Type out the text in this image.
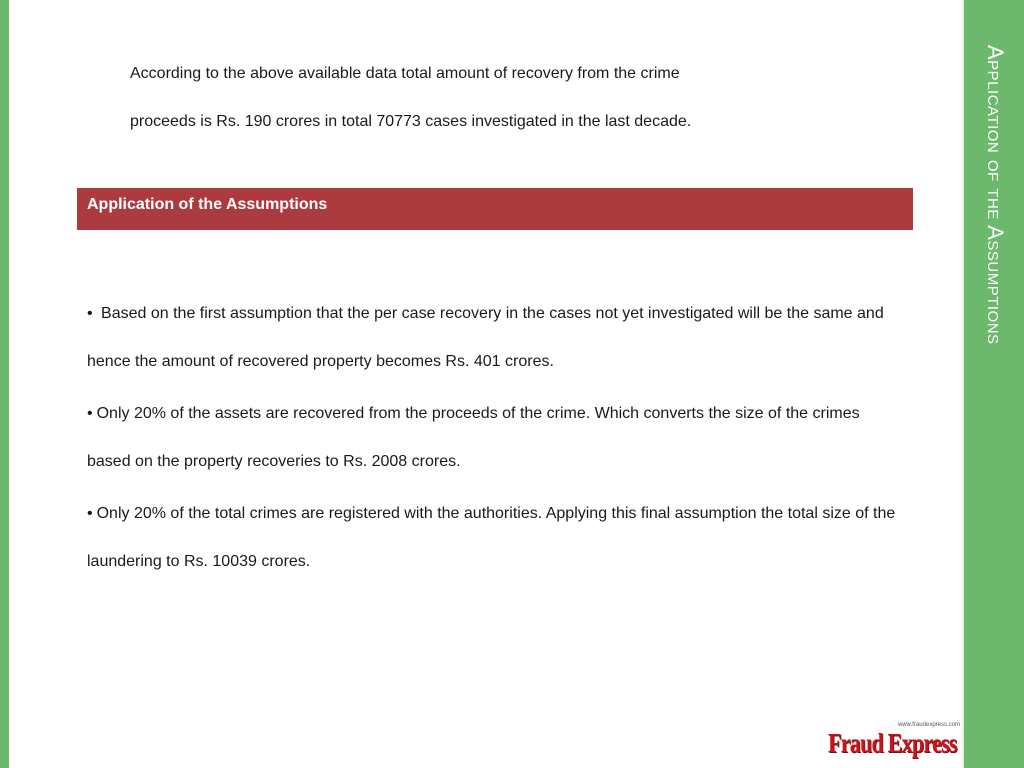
Application of the Assumptions

According to the above available data total amount of recovery from the crime

proceeds is Rs. 190 crores in total 70773 cases investigated in the last decade.

Application of the Assumptions
• Based on the first assumption that the per case recovery in the cases not yet investigated will be the same and hence the amount of recovered property becomes Rs. 401 crores.
• Only 20% of the assets are recovered from the proceeds of the crime. Which converts the size of the crimes based on the property recoveries to Rs. 2008 crores.
• Only 20% of the total crimes are registered with the authorities. Applying this final assumption the total size of the laundering to Rs. 10039 crores.
www.fraudexpress.com
Fraud Express
